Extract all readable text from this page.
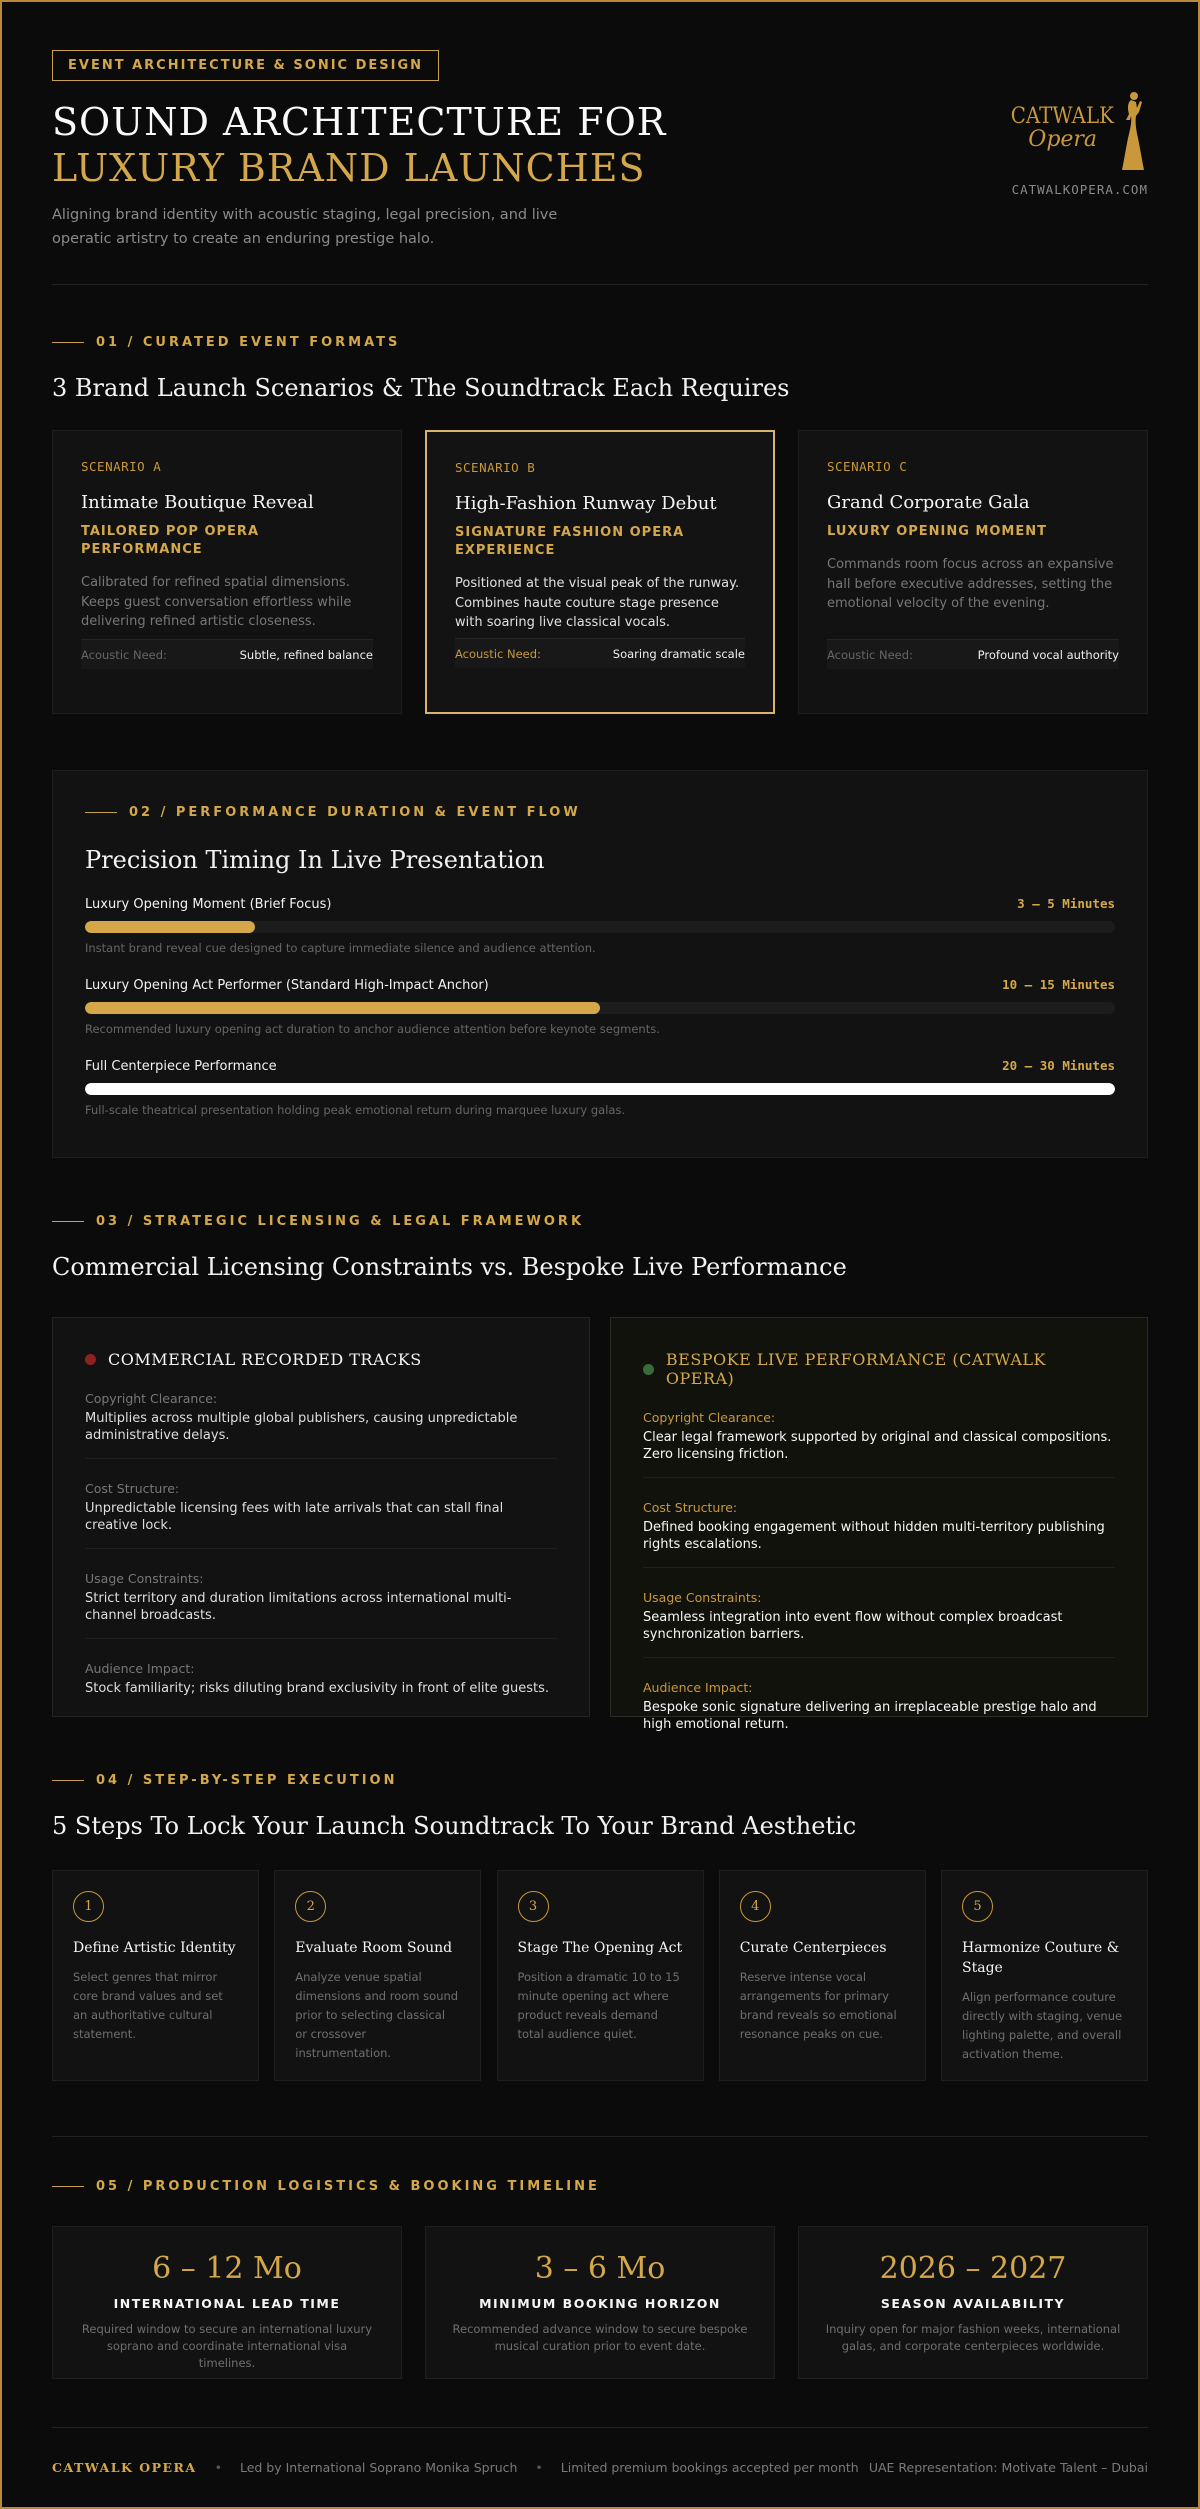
EVENT ARCHITECTURE & SONIC DESIGN
SOUND ARCHITECTURE FOR
LUXURY BRAND LAUNCHES

Aligning brand identity with acoustic staging, legal precision, and live operatic artistry to create an enduring prestige halo.

CATWALK
Opera
CATWALKOPERA.COM
01 / CURATED EVENT FORMATS
3 Brand Launch Scenarios & The Soundtrack Each Requires
SCENARIO A
Intimate Boutique Reveal
TAILORED POP OPERA PERFORMANCE
Calibrated for refined spatial dimensions. Keeps guest conversation effortless while delivering refined artistic closeness.
Acoustic Need:	Subtle, refined balance
SCENARIO B
High-Fashion Runway Debut
SIGNATURE FASHION OPERA EXPERIENCE
Positioned at the visual peak of the runway. Combines haute couture stage presence with soaring live classical vocals.
Acoustic Need:	Soaring dramatic scale
SCENARIO C
Grand Corporate Gala
LUXURY OPENING MOMENT
Commands room focus across an expansive hall before executive addresses, setting the emotional velocity of the evening.
Acoustic Need:	Profound vocal authority
02 / PERFORMANCE DURATION & EVENT FLOW
Precision Timing In Live Presentation
Luxury Opening Moment (Brief Focus)	3 – 5 Minutes
Instant brand reveal cue designed to capture immediate silence and audience attention.
Luxury Opening Act Performer (Standard High-Impact Anchor)	10 – 15 Minutes
Recommended luxury opening act duration to anchor audience attention before keynote segments.
Full Centerpiece Performance	20 – 30 Minutes
Full-scale theatrical presentation holding peak emotional return during marquee luxury galas.
03 / STRATEGIC LICENSING & LEGAL FRAMEWORK
Commercial Licensing Constraints vs. Bespoke Live Performance
COMMERCIAL RECORDED TRACKS
Copyright Clearance:
Multiplies across multiple global publishers, causing unpredictable administrative delays.
Cost Structure:
Unpredictable licensing fees with late arrivals that can stall final creative lock.
Usage Constraints:
Strict territory and duration limitations across international multi-channel broadcasts.
Audience Impact:
Stock familiarity; risks diluting brand exclusivity in front of elite guests.
BESPOKE LIVE PERFORMANCE (CATWALK OPERA)
Copyright Clearance:
Clear legal framework supported by original and classical compositions. Zero licensing friction.
Cost Structure:
Defined booking engagement without hidden multi-territory publishing rights escalations.
Usage Constraints:
Seamless integration into event flow without complex broadcast synchronization barriers.
Audience Impact:
Bespoke sonic signature delivering an irreplaceable prestige halo and high emotional return.
04 / STEP-BY-STEP EXECUTION
5 Steps To Lock Your Launch Soundtrack To Your Brand Aesthetic
1
Define Artistic Identity
Select genres that mirror core brand values and set an authoritative cultural statement.
2
Evaluate Room Sound
Analyze venue spatial dimensions and room sound prior to selecting classical or crossover instrumentation.
3
Stage The Opening Act
Position a dramatic 10 to 15 minute opening act where product reveals demand total audience quiet.
4
Curate Centerpieces
Reserve intense vocal arrangements for primary brand reveals so emotional resonance peaks on cue.
5
Harmonize Couture & Stage
Align performance couture directly with staging, venue lighting palette, and overall activation theme.
05 / PRODUCTION LOGISTICS & BOOKING TIMELINE
6 – 12 Mo
INTERNATIONAL LEAD TIME
Required window to secure an international luxury soprano and coordinate international visa timelines.
3 – 6 Mo
MINIMUM BOOKING HORIZON
Recommended advance window to secure bespoke musical curation prior to event date.
2026 – 2027
SEASON AVAILABILITY
Inquiry open for major fashion weeks, international galas, and corporate centerpieces worldwide.
CATWALK OPERA • Led by International Soprano Monika Spruch • Limited premium bookings accepted per month UAE Representation: Motivate Talent – Dubai
